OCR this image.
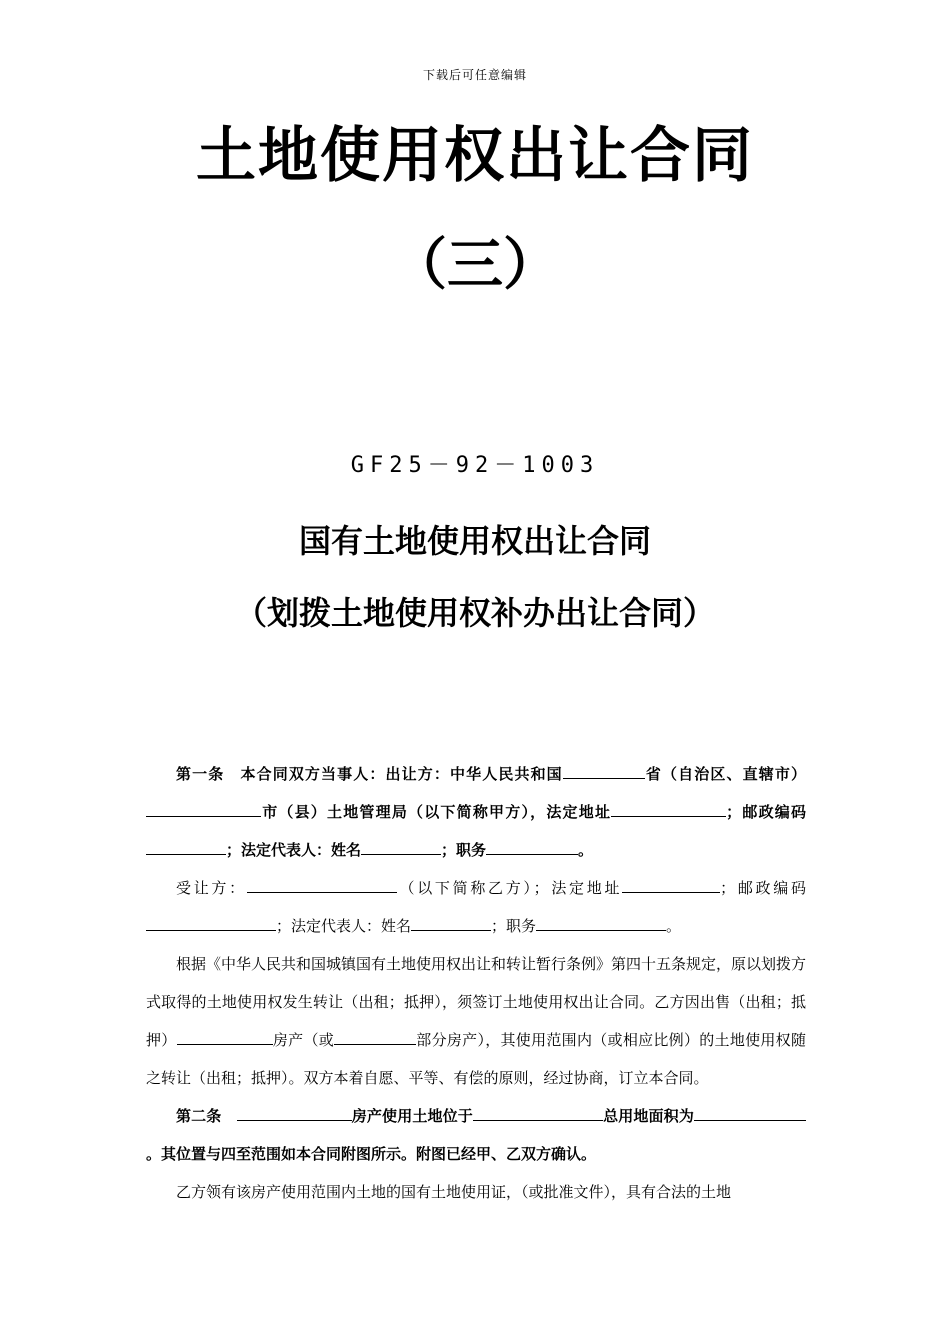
下载后可任意编辑
土地使用权出让合同
（三）
GF25－92－1003
国有土地使用权出让合同
（划拨土地使用权补办出让合同）

第一条　本合同双方当事人：出让方：中华人民共和国	省（自治区、直辖市）市（县）土地管理局（以下简称甲方），法定地址	；邮政编码；法定代表人：姓名	；职务	。

受让方：	（以下简称乙方）；法定地址	；邮政编码；法定代表人：姓名	；职务	。

根据《中华人民共和国城镇国有土地使用权出让和转让暂行条例》第四十五条规定，原以划拨方式取得的土地使用权发生转让（出租；抵押），须签订土地使用权出让合同。乙方因出售（出租；抵押）	房产（或	部分房产），其使用范围内（或相应比例）的土地使用权随之转让（出租；抵押）。双方本着自愿、平等、有偿的原则，经过协商，订立本合同。

第二条　	房产使用土地位于	总用地面积为。其位置与四至范围如本合同附图所示。附图已经甲、乙双方确认。

乙方领有该房产使用范围内土地的国有土地使用证，（或批准文件），具有合法的土地
